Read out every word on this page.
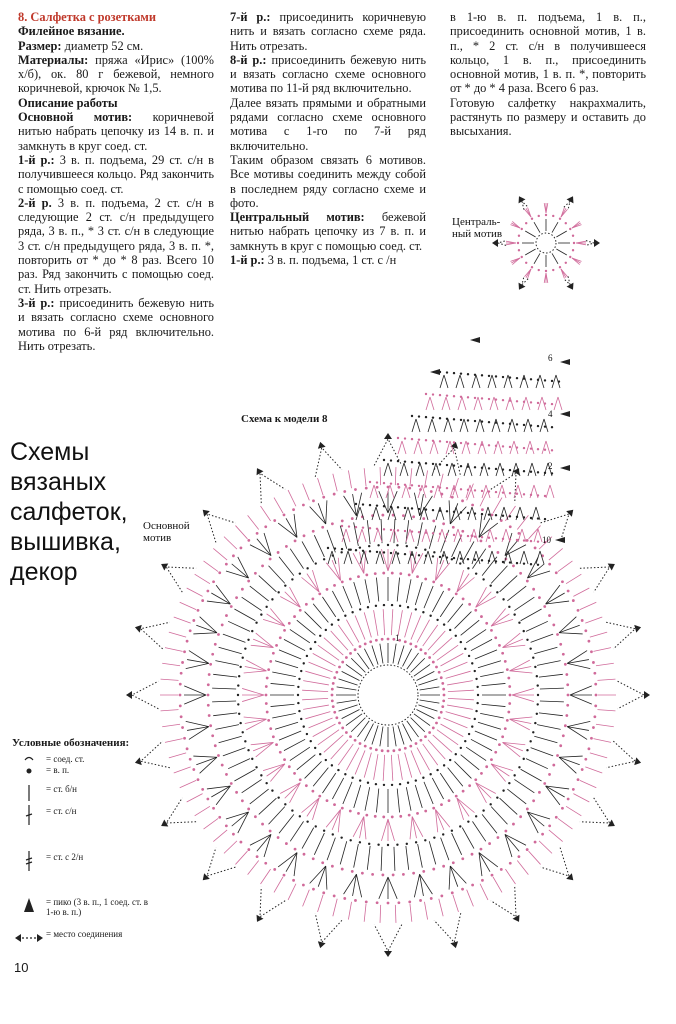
8. Салфетка с розетками

Филейное вязание.

Размер: диаметр 52 см.

Материалы: пряжа «Ирис» (100% х/б), ок. 80 г бежевой, немного коричневой, крючок № 1,5.

Описание работы

Основной мотив: коричневой нитью набрать цепочку из 14 в. п. и замкнуть в круг соед. ст.

1-й р.: 3 в. п. подъема, 29 ст. с/н в получившееся кольцо. Ряд закончить с помощью соед. ст.

2-й р. 3 в. п. подъема, 2 ст. с/н в следующие 2 ст. с/н предыдущего ряда, 3 в. п., * 3 ст. с/н в следующие 3 ст. с/н предыдущего ряда, 3 в. п. *, повторить от * до * 8 раз. Всего 10 раз. Ряд закончить с помощью соед. ст. Нить отрезать.

3-й р.: присоединить бежевую нить и вязать согласно схеме основного мотива по 6-й ряд включительно. Нить отрезать.

7-й р.: присоединить коричневую нить и вязать согласно схеме ряда. Нить отрезать.

8-й р.: присоединить бежевую нить и вязать согласно схеме основного мотива по 11-й ряд включительно.

Далее вязать прямыми и обратными рядами согласно схеме основного мотива с 1-го по 7-й ряд включительно.

Таким образом связать 6 мотивов. Все мотивы соединить между собой в последнем ряду согласно схеме и фото.

Центральный мотив: бежевой нитью набрать цепочку из 7 в. п. и замкнуть в круг с помощью соед. ст.

1-й р.: 3 в. п. подъема, 1 ст. с /н

в 1-ю в. п. подъема, 1 в. п., присоединить основной мотив, 1 в. п., * 2 ст. с/н в получившееся кольцо, 1 в. п., присоединить основной мотив, 1 в. п. *, повторить от * до * 4 раза. Всего 6 раз.

Готовую салфетку накрахмалить, растянуть по размеру и оставить до высыхания.

Схемы
вязаных
салфеток,
вышивка,
декор
Централь-
ный мотив
Основной
мотив
Схема к модели 8
6
4
2
10
1
Условные обозначения:
= соед. ст.
= в. п.
= ст. б/н
= ст. с/н
= ст. с 2/н
= пико (3 в. п., 1 соед. ст. в 1-ю в. п.)
= место соединения
10
